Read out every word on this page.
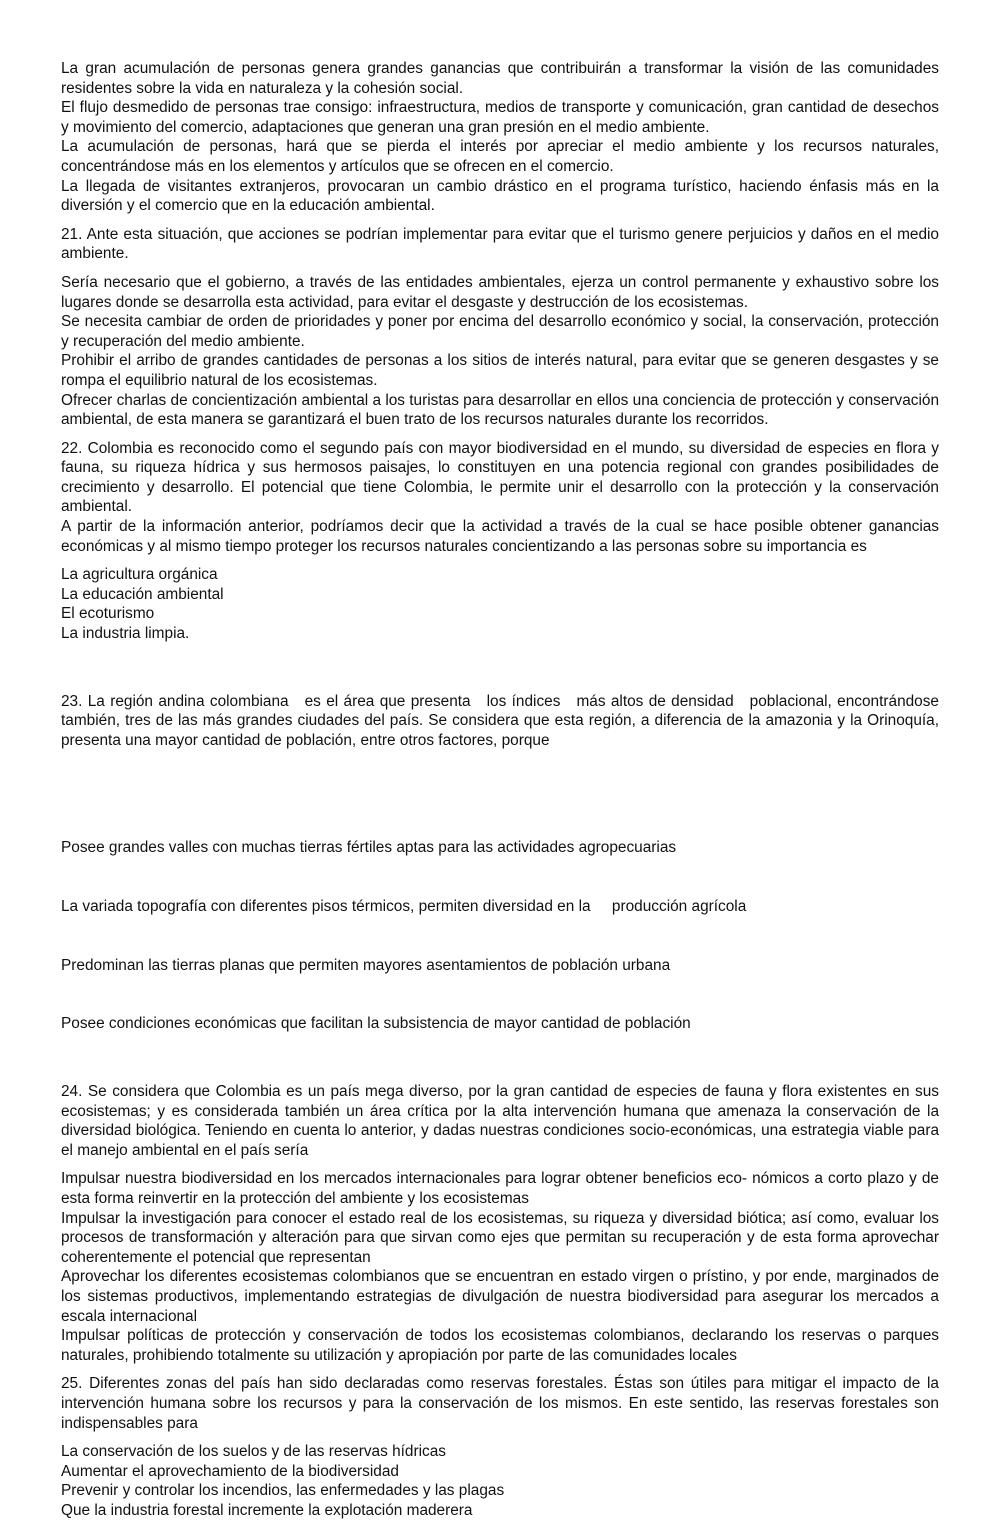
La gran acumulación de personas genera grandes ganancias que contribuirán a transformar la visión de las comunidades residentes sobre la vida en naturaleza y la cohesión social.

El flujo desmedido de personas trae consigo: infraestructura, medios de transporte y comunicación, gran cantidad de desechos y movimiento del comercio, adaptaciones que generan una gran presión en el medio ambiente.

La acumulación de personas, hará que se pierda el interés por apreciar el medio ambiente y los recursos naturales, concentrándose más en los elementos y artículos que se ofrecen en el comercio.

La llegada de visitantes extranjeros, provocaran un cambio drástico en el programa turístico, haciendo énfasis más en la diversión y el comercio que en la educación ambiental.

21. Ante esta situación, que acciones se podrían implementar para evitar que el turismo genere perjuicios y daños en el medio ambiente.

Sería necesario que el gobierno, a través de las entidades ambientales, ejerza un control permanente y exhaustivo sobre los lugares donde se desarrolla esta actividad, para evitar el desgaste y destrucción de los ecosistemas.

Se necesita cambiar de orden de prioridades y poner por encima del desarrollo económico y social, la conservación, protección y recuperación del medio ambiente.

Prohibir el arribo de grandes cantidades de personas a los sitios de interés natural, para evitar que se generen desgastes y se rompa el equilibrio natural de los ecosistemas.

Ofrecer charlas de concientización ambiental a los turistas para desarrollar en ellos una conciencia de protección y conservación ambiental, de esta manera se garantizará el buen trato de los recursos naturales durante los recorridos.

22. Colombia es reconocido como el segundo país con mayor biodiversidad en el mundo, su diversidad de especies en flora y fauna, su riqueza hídrica y sus hermosos paisajes, lo constituyen en una potencia regional con grandes posibilidades de crecimiento y desarrollo. El potencial que tiene Colombia, le permite unir el desarrollo con la protección y la conservación ambiental.

A partir de la información anterior, podríamos decir que la actividad a través de la cual se hace posible obtener ganancias económicas y al mismo tiempo proteger los recursos naturales concientizando a las personas sobre su importancia es

La agricultura orgánica

La educación ambiental

El ecoturismo

La industria limpia.

23. La región andina colombiana   es el área que presenta   los índices   más altos de densidad   poblacional, encontrándose también, tres de las más grandes ciudades del país. Se considera que esta región, a diferencia de la amazonia y la Orinoquía, presenta una mayor cantidad de población, entre otros factores, porque

Posee grandes valles con muchas tierras fértiles aptas para las actividades agropecuarias

La variada topografía con diferentes pisos térmicos, permiten diversidad en la     producción agrícola

Predominan las tierras planas que permiten mayores asentamientos de población urbana

Posee condiciones económicas que facilitan la subsistencia de mayor cantidad de población

24. Se considera que Colombia es un país mega diverso, por la gran cantidad de especies de fauna y flora existentes en sus ecosistemas; y es considerada también un área crítica por la alta intervención humana que amenaza la conservación de la diversidad biológica. Teniendo en cuenta lo anterior, y dadas nuestras condiciones socio-económicas, una estrategia viable para el manejo ambiental en el país sería

Impulsar nuestra biodiversidad en los mercados internacionales para lograr obtener beneficios eco- nómicos a corto plazo y de esta forma reinvertir en la protección del ambiente y los ecosistemas

Impulsar la investigación para conocer el estado real de los ecosistemas, su riqueza y diversidad biótica; así como, evaluar los procesos de transformación y alteración para que sirvan como ejes que permitan su recuperación y de esta forma aprovechar coherentemente el potencial que representan

Aprovechar los diferentes ecosistemas colombianos que se encuentran en estado virgen o prístino, y por ende, marginados de los sistemas productivos, implementando estrategias de divulgación de nuestra biodiversidad para asegurar los mercados a escala internacional

Impulsar políticas de protección y conservación de todos los ecosistemas colombianos, declarando los reservas o parques naturales, prohibiendo totalmente su utilización y apropiación por parte de las comunidades locales

25. Diferentes zonas del país han sido declaradas como reservas forestales. Éstas son útiles para mitigar el impacto de la intervención humana sobre los recursos y para la conservación de los mismos. En este sentido, las reservas forestales son indispensables para

La conservación de los suelos y de las reservas hídricas

Aumentar el aprovechamiento de la biodiversidad

Prevenir y controlar los incendios, las enfermedades y las plagas

Que la industria forestal incremente la explotación maderera
